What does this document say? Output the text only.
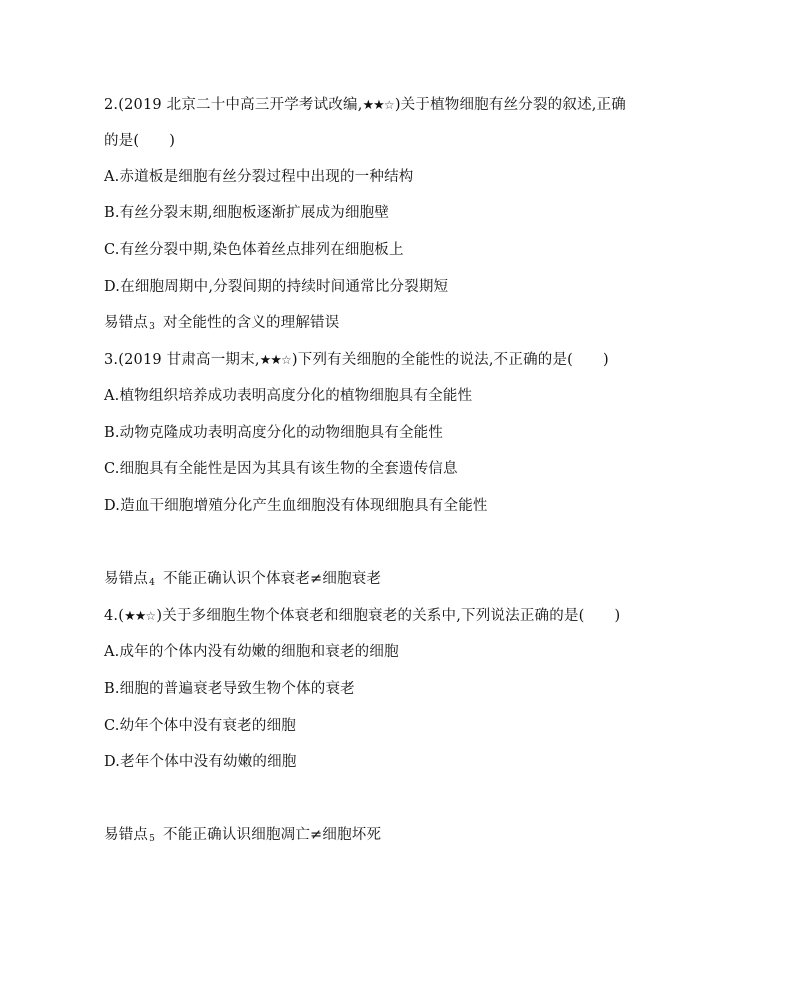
2.(2019 北京二十中高三开学考试改编,★★☆)关于植物细胞有丝分裂的叙述,正确
的是( )
A.赤道板是细胞有丝分裂过程中出现的一种结构
B.有丝分裂末期,细胞板逐渐扩展成为细胞壁
C.有丝分裂中期,染色体着丝点排列在细胞板上
D.在细胞周期中,分裂间期的持续时间通常比分裂期短
易错点$_3$ 对全能性的含义的理解错误
3.(2019 甘肃高一期末,★★☆)下列有关细胞的全能性的说法,不正确的是( )
A.植物组织培养成功表明高度分化的植物细胞具有全能性
B.动物克隆成功表明高度分化的动物细胞具有全能性
C.细胞具有全能性是因为其具有该生物的全套遗传信息
D.造血干细胞增殖分化产生血细胞没有体现细胞具有全能性
易错点$_4$ 不能正确认识个体衰老≠细胞衰老
4.(★★☆)关于多细胞生物个体衰老和细胞衰老的关系中,下列说法正确的是( )
A.成年的个体内没有幼嫩的细胞和衰老的细胞
B.细胞的普遍衰老导致生物个体的衰老
C.幼年个体中没有衰老的细胞
D.老年个体中没有幼嫩的细胞
易错点$_5$ 不能正确认识细胞凋亡≠细胞坏死
